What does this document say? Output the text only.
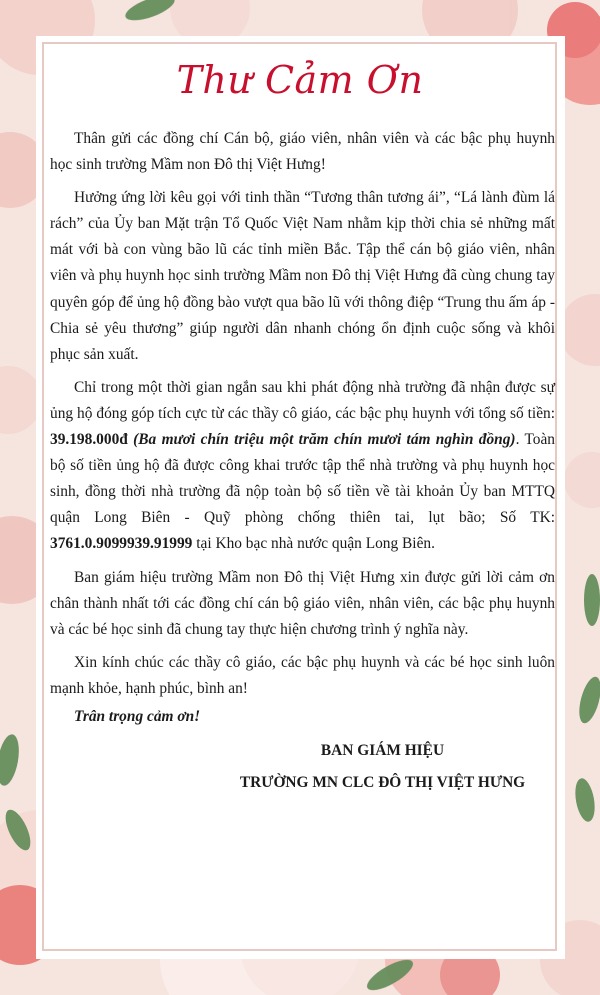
Thư Cảm Ơn

Thân gửi các đồng chí Cán bộ, giáo viên, nhân viên và các bậc phụ huynh học sinh trường Mầm non Đô thị Việt Hưng!

Hưởng ứng lời kêu gọi với tinh thần “Tương thân tương ái”, “Lá lành đùm lá rách” của Ủy ban Mặt trận Tổ Quốc Việt Nam nhằm kịp thời chia sẻ những mất mát với bà con vùng bão lũ các tỉnh miền Bắc. Tập thể cán bộ giáo viên, nhân viên và phụ huynh học sinh trường Mầm non Đô thị Việt Hưng đã cùng chung tay quyên góp để ủng hộ đồng bào vượt qua bão lũ với thông điệp “Trung thu ấm áp - Chia sẻ yêu thương” giúp người dân nhanh chóng ổn định cuộc sống và khôi phục sản xuất.

Chỉ trong một thời gian ngắn sau khi phát động nhà trường đã nhận được sự ủng hộ đóng góp tích cực từ các thầy cô giáo, các bậc phụ huynh với tổng số tiền: 39.198.000đ (Ba mươi chín triệu một trăm chín mươi tám nghìn đồng). Toàn bộ số tiền ủng hộ đã được công khai trước tập thể nhà trường và phụ huynh học sinh, đồng thời nhà trường đã nộp toàn bộ số tiền về tài khoản Ủy ban MTTQ quận Long Biên - Quỹ phòng chống thiên tai, lụt bão; Số TK: 3761.0.9099939.91999 tại Kho bạc nhà nước quận Long Biên.

Ban giám hiệu trường Mầm non Đô thị Việt Hưng xin được gửi lời cảm ơn chân thành nhất tới các đồng chí cán bộ giáo viên, nhân viên, các bậc phụ huynh và các bé học sinh đã chung tay thực hiện chương trình ý nghĩa này.

Xin kính chúc các thầy cô giáo, các bậc phụ huynh và các bé học sinh luôn mạnh khỏe, hạnh phúc, bình an!

Trân trọng cảm ơn!
BAN GIÁM HIỆU
TRƯỜNG MN CLC ĐÔ THỊ VIỆT HƯNG
